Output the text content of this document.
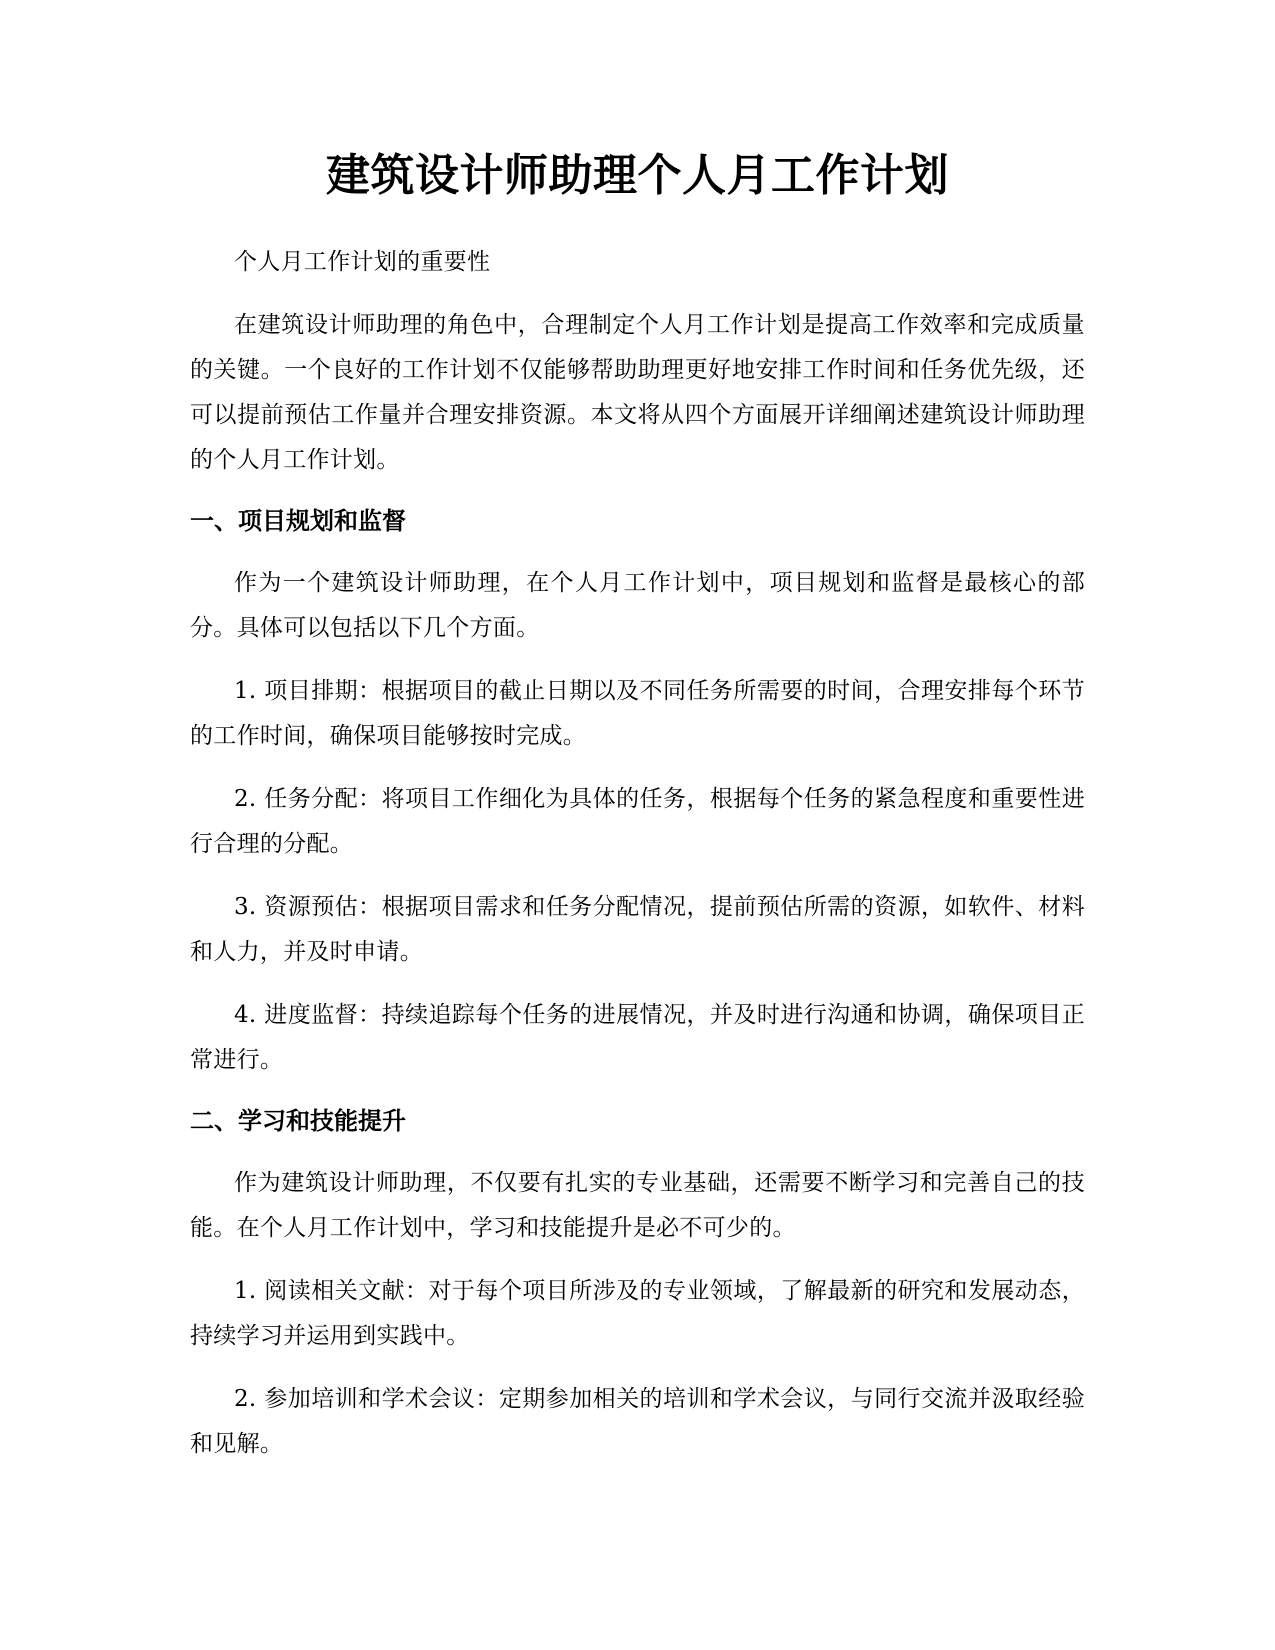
建筑设计师助理个人月工作计划

个人月工作计划的重要性

在建筑设计师助理的角色中，合理制定个人月工作计划是提高工作效率和完成质量的关键。一个良好的工作计划不仅能够帮助助理更好地安排工作时间和任务优先级，还可以提前预估工作量并合理安排资源。本文将从四个方面展开详细阐述建筑设计师助理的个人月工作计划。

一、项目规划和监督

作为一个建筑设计师助理，在个人月工作计划中，项目规划和监督是最核心的部分。具体可以包括以下几个方面。

1. 项目排期：根据项目的截止日期以及不同任务所需要的时间，合理安排每个环节的工作时间，确保项目能够按时完成。

2. 任务分配：将项目工作细化为具体的任务，根据每个任务的紧急程度和重要性进行合理的分配。

3. 资源预估：根据项目需求和任务分配情况，提前预估所需的资源，如软件、材料和人力，并及时申请。

4. 进度监督：持续追踪每个任务的进展情况，并及时进行沟通和协调，确保项目正常进行。

二、学习和技能提升

作为建筑设计师助理，不仅要有扎实的专业基础，还需要不断学习和完善自己的技能。在个人月工作计划中，学习和技能提升是必不可少的。

1. 阅读相关文献：对于每个项目所涉及的专业领域，了解最新的研究和发展动态，持续学习并运用到实践中。

2. 参加培训和学术会议：定期参加相关的培训和学术会议，与同行交流并汲取经验和见解。
